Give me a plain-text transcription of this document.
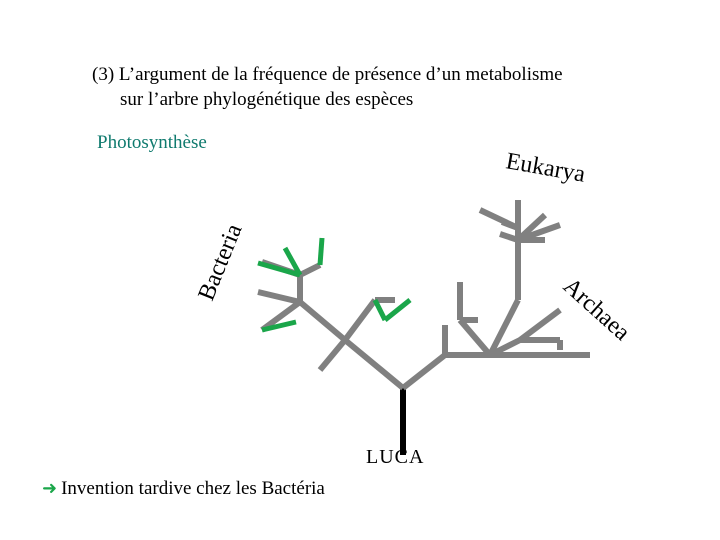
(3) L’argument de la fréquence de présence d’un metabolisme
sur l’arbre phylogénétique des espèces
Photosynthèse
Eukarya
Bacteria
Archaea
LUCA
➜ Invention tardive chez les Bactéria
